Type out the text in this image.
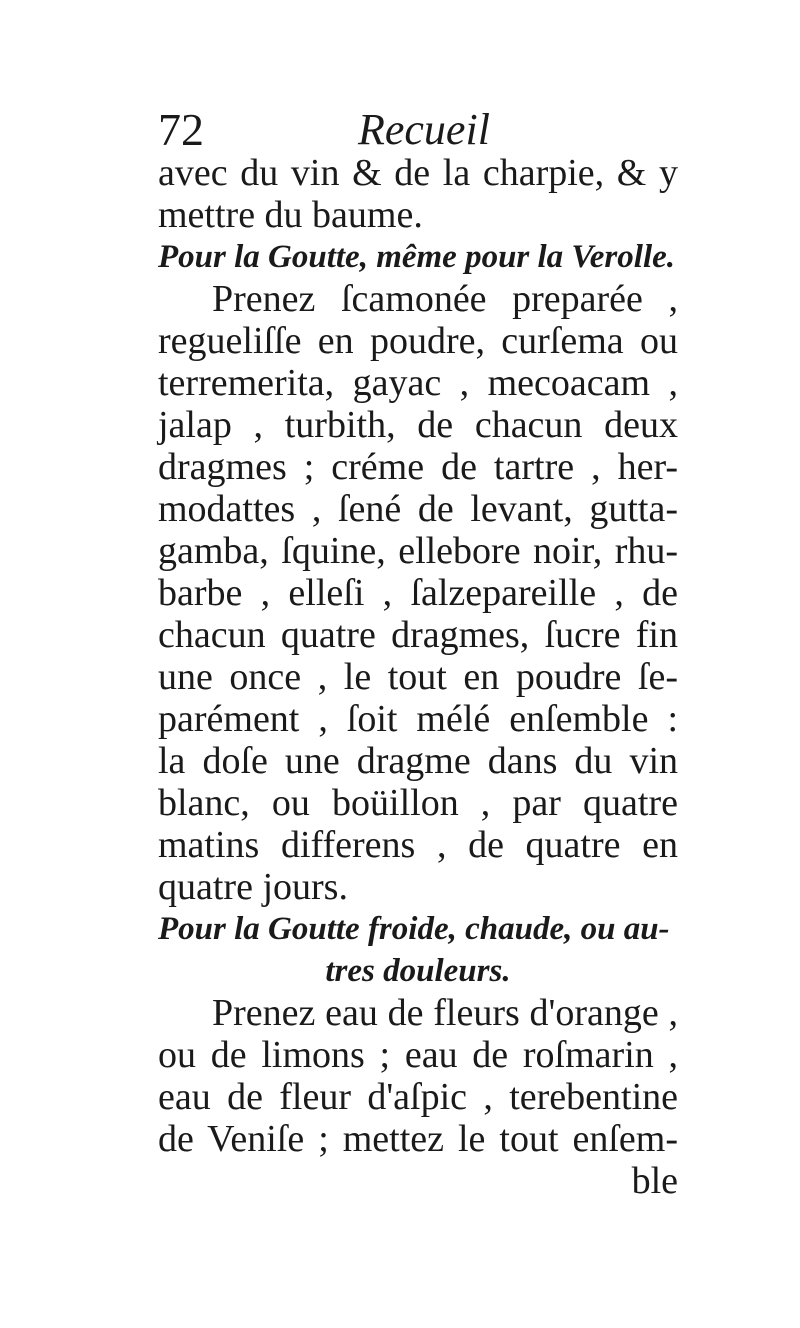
72	Recueil
avec du vin & de la charpie, & y
mettre du baume.
Pour la Goutte, même pour la Verolle.
Prenez ſcamonée preparée ,
regueliſſe en poudre, curſema ou
terremerita, gayac , mecoacam ,
jalap , turbith, de chacun deux
dragmes ; créme de tartre , her-
modattes , ſené de levant, gutta-
gamba, ſquine, ellebore noir, rhu-
barbe , elleſi , ſalzepareille , de
chacun quatre dragmes, ſucre fin
une once , le tout en poudre ſe-
parément , ſoit mélé enſemble :
la doſe une dragme dans du vin
blanc, ou boüillon , par quatre
matins differens , de quatre en
quatre jours.
Pour la Goutte froide, chaude, ou au-
tres douleurs.
Prenez eau de fleurs d'orange ,
ou de limons ; eau de roſmarin ,
eau de fleur d'aſpic , terebentine
de Veniſe ; mettez le tout enſem-
ble
